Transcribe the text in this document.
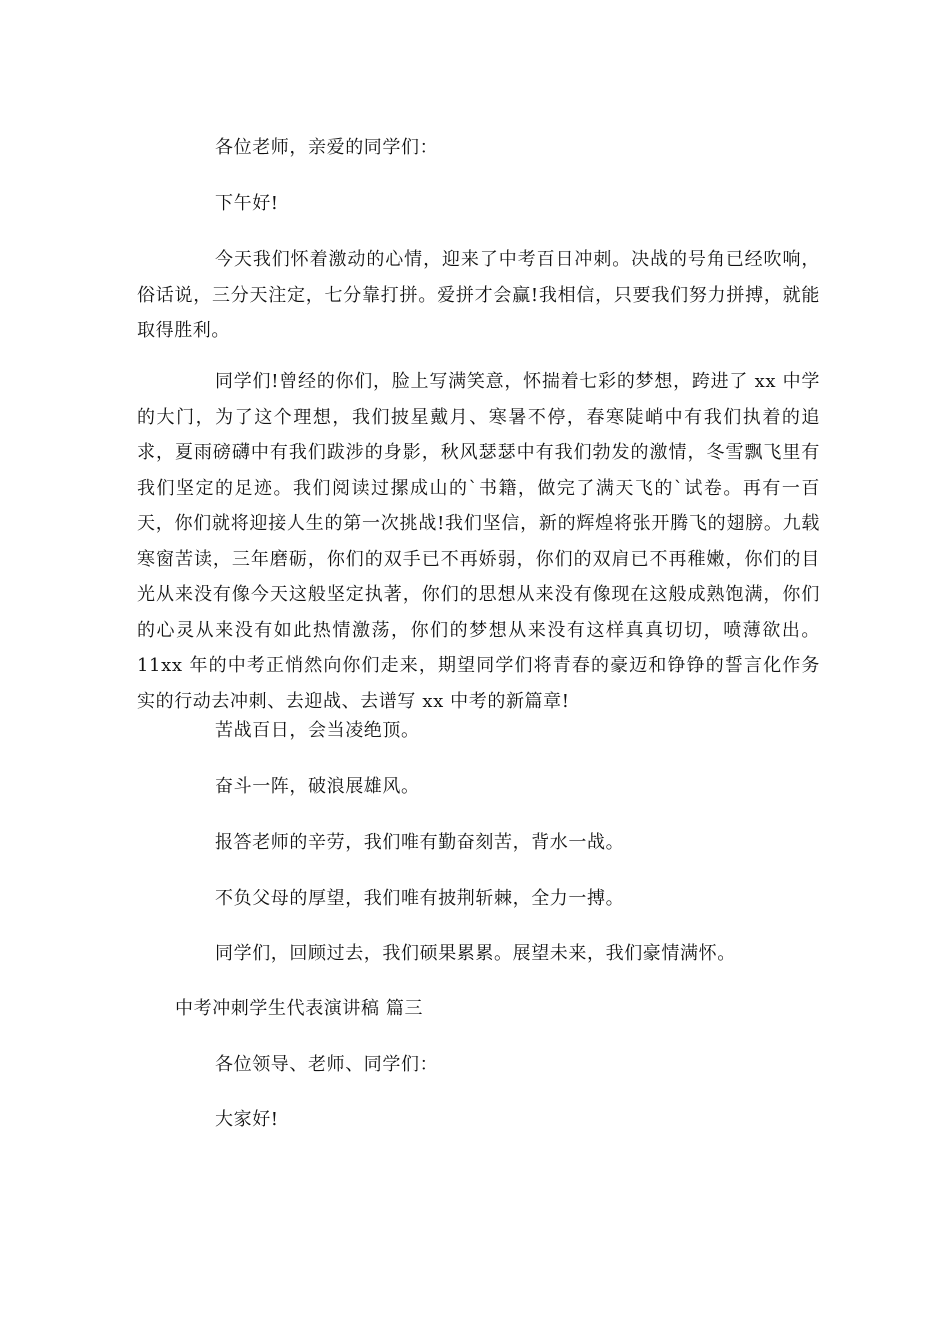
各位老师，亲爱的同学们：

下午好!

今天我们怀着激动的心情，迎来了中考百日冲刺。决战的号角已经吹响，俗话说，三分天注定，七分靠打拼。爱拼才会赢!我相信，只要我们努力拼搏，就能取得胜利。

同学们!曾经的你们，脸上写满笑意，怀揣着七彩的梦想，跨进了 xx 中学的大门，为了这个理想，我们披星戴月、寒暑不停，春寒陡峭中有我们执着的追求，夏雨磅礴中有我们跋涉的身影，秋风瑟瑟中有我们勃发的激情，冬雪飘飞里有我们坚定的足迹。我们阅读过摞成山的`书籍，做完了满天飞的`试卷。再有一百天，你们就将迎接人生的第一次挑战!我们坚信，新的辉煌将张开腾飞的翅膀。九载寒窗苦读，三年磨砺，你们的双手已不再娇弱，你们的双肩已不再稚嫩，你们的目光从来没有像今天这般坚定执著，你们的思想从来没有像现在这般成熟饱满，你们的心灵从来没有如此热情激荡，你们的梦想从来没有这样真真切切，喷薄欲出。11xx 年的中考正悄然向你们走来，期望同学们将青春的豪迈和铮铮的誓言化作务实的行动去冲刺、去迎战、去谱写 xx 中考的新篇章!

苦战百日，会当凌绝顶。

奋斗一阵，破浪展雄风。

报答老师的辛劳，我们唯有勤奋刻苦，背水一战。

不负父母的厚望，我们唯有披荆斩棘，全力一搏。

同学们，回顾过去，我们硕果累累。展望未来，我们豪情满怀。

中考冲刺学生代表演讲稿 篇三

各位领导、老师、同学们：

大家好!
